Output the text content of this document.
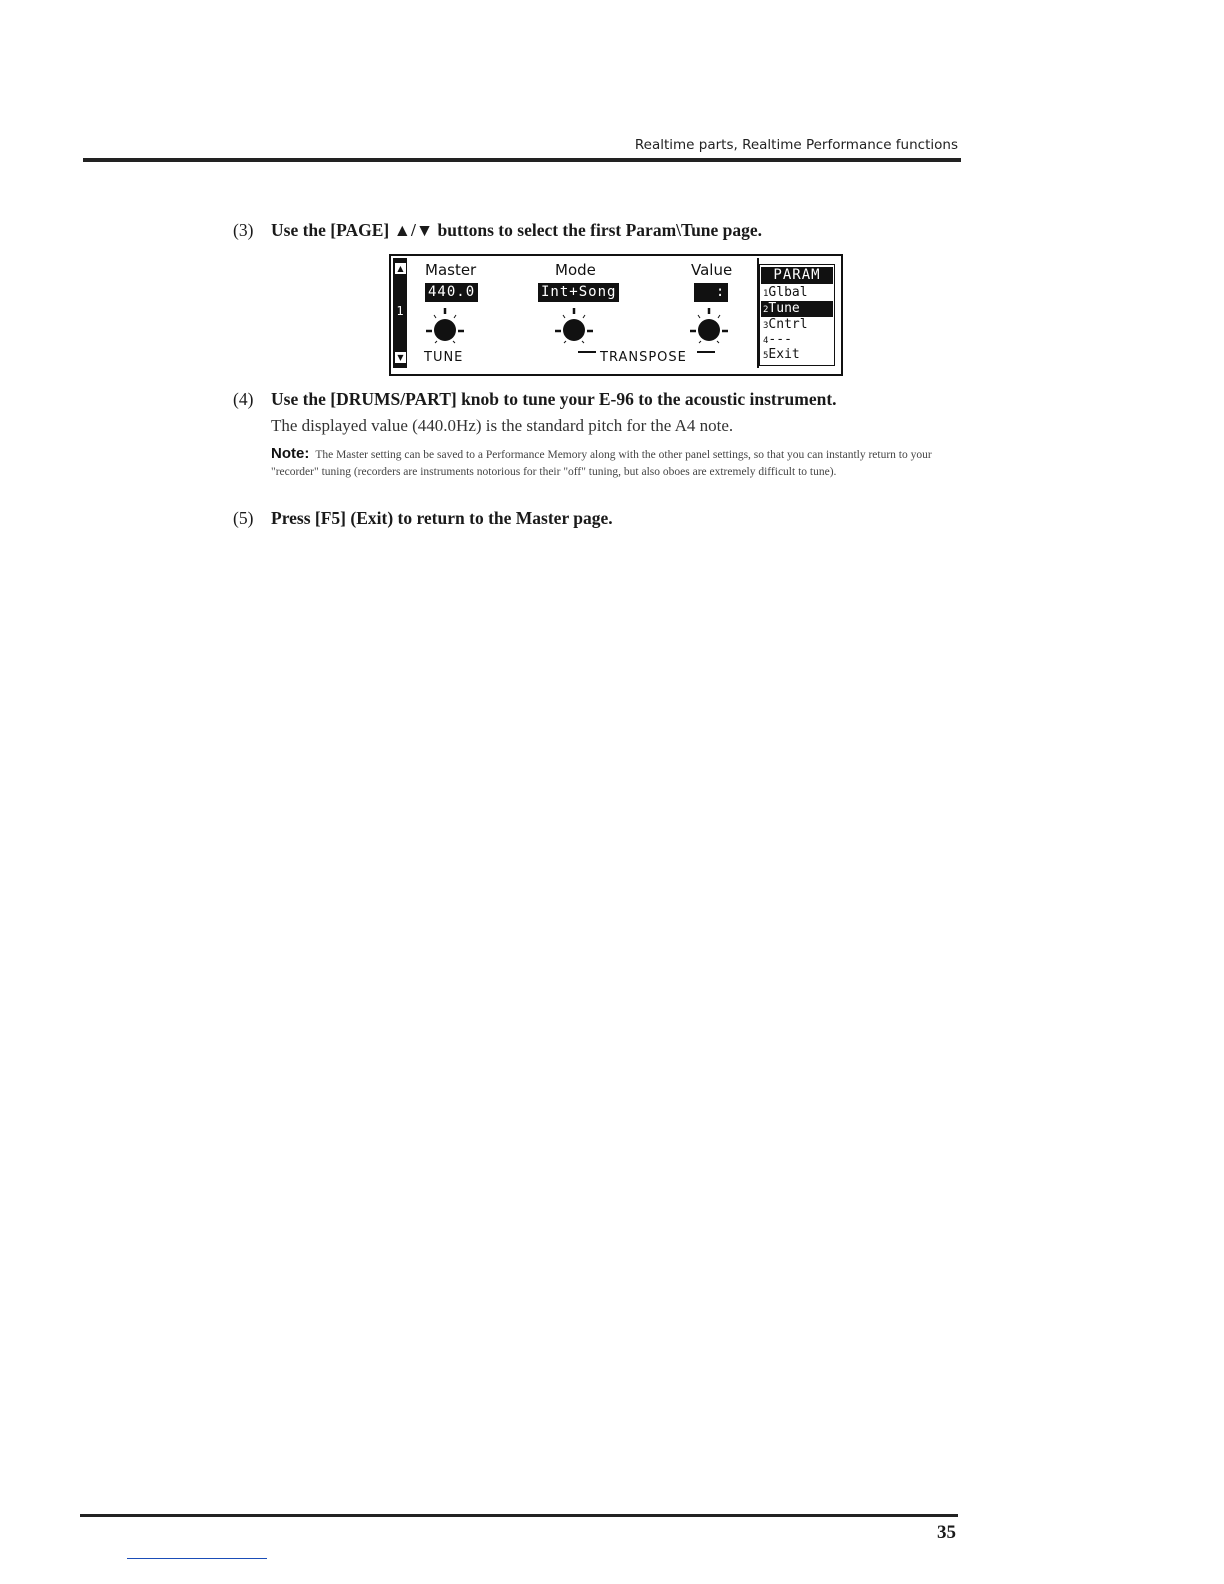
Realtime parts, Realtime Performance functions
(3) Use the [PAGE] ▲/▼ buttons to select the first Param\Tune page.
▲
1
▼
Master	Mode	Value
440.0	Int+Song	:
TUNE	TRANSPOSE
PARAM
1Glbal
2Tune
3Cntrl
4---
5Exit
(4) Use the [DRUMS/PART] knob to tune your E-96 to the acoustic instrument.
The displayed value (440.0Hz) is the standard pitch for the A4 note.
Note: The Master setting can be saved to a Performance Memory along with the other panel settings, so that you can instantly return to your "recorder" tuning (recorders are instruments notorious for their "off" tuning, but also oboes are extremely difficult to tune).
(5) Press [F5] (Exit) to return to the Master page.
35
